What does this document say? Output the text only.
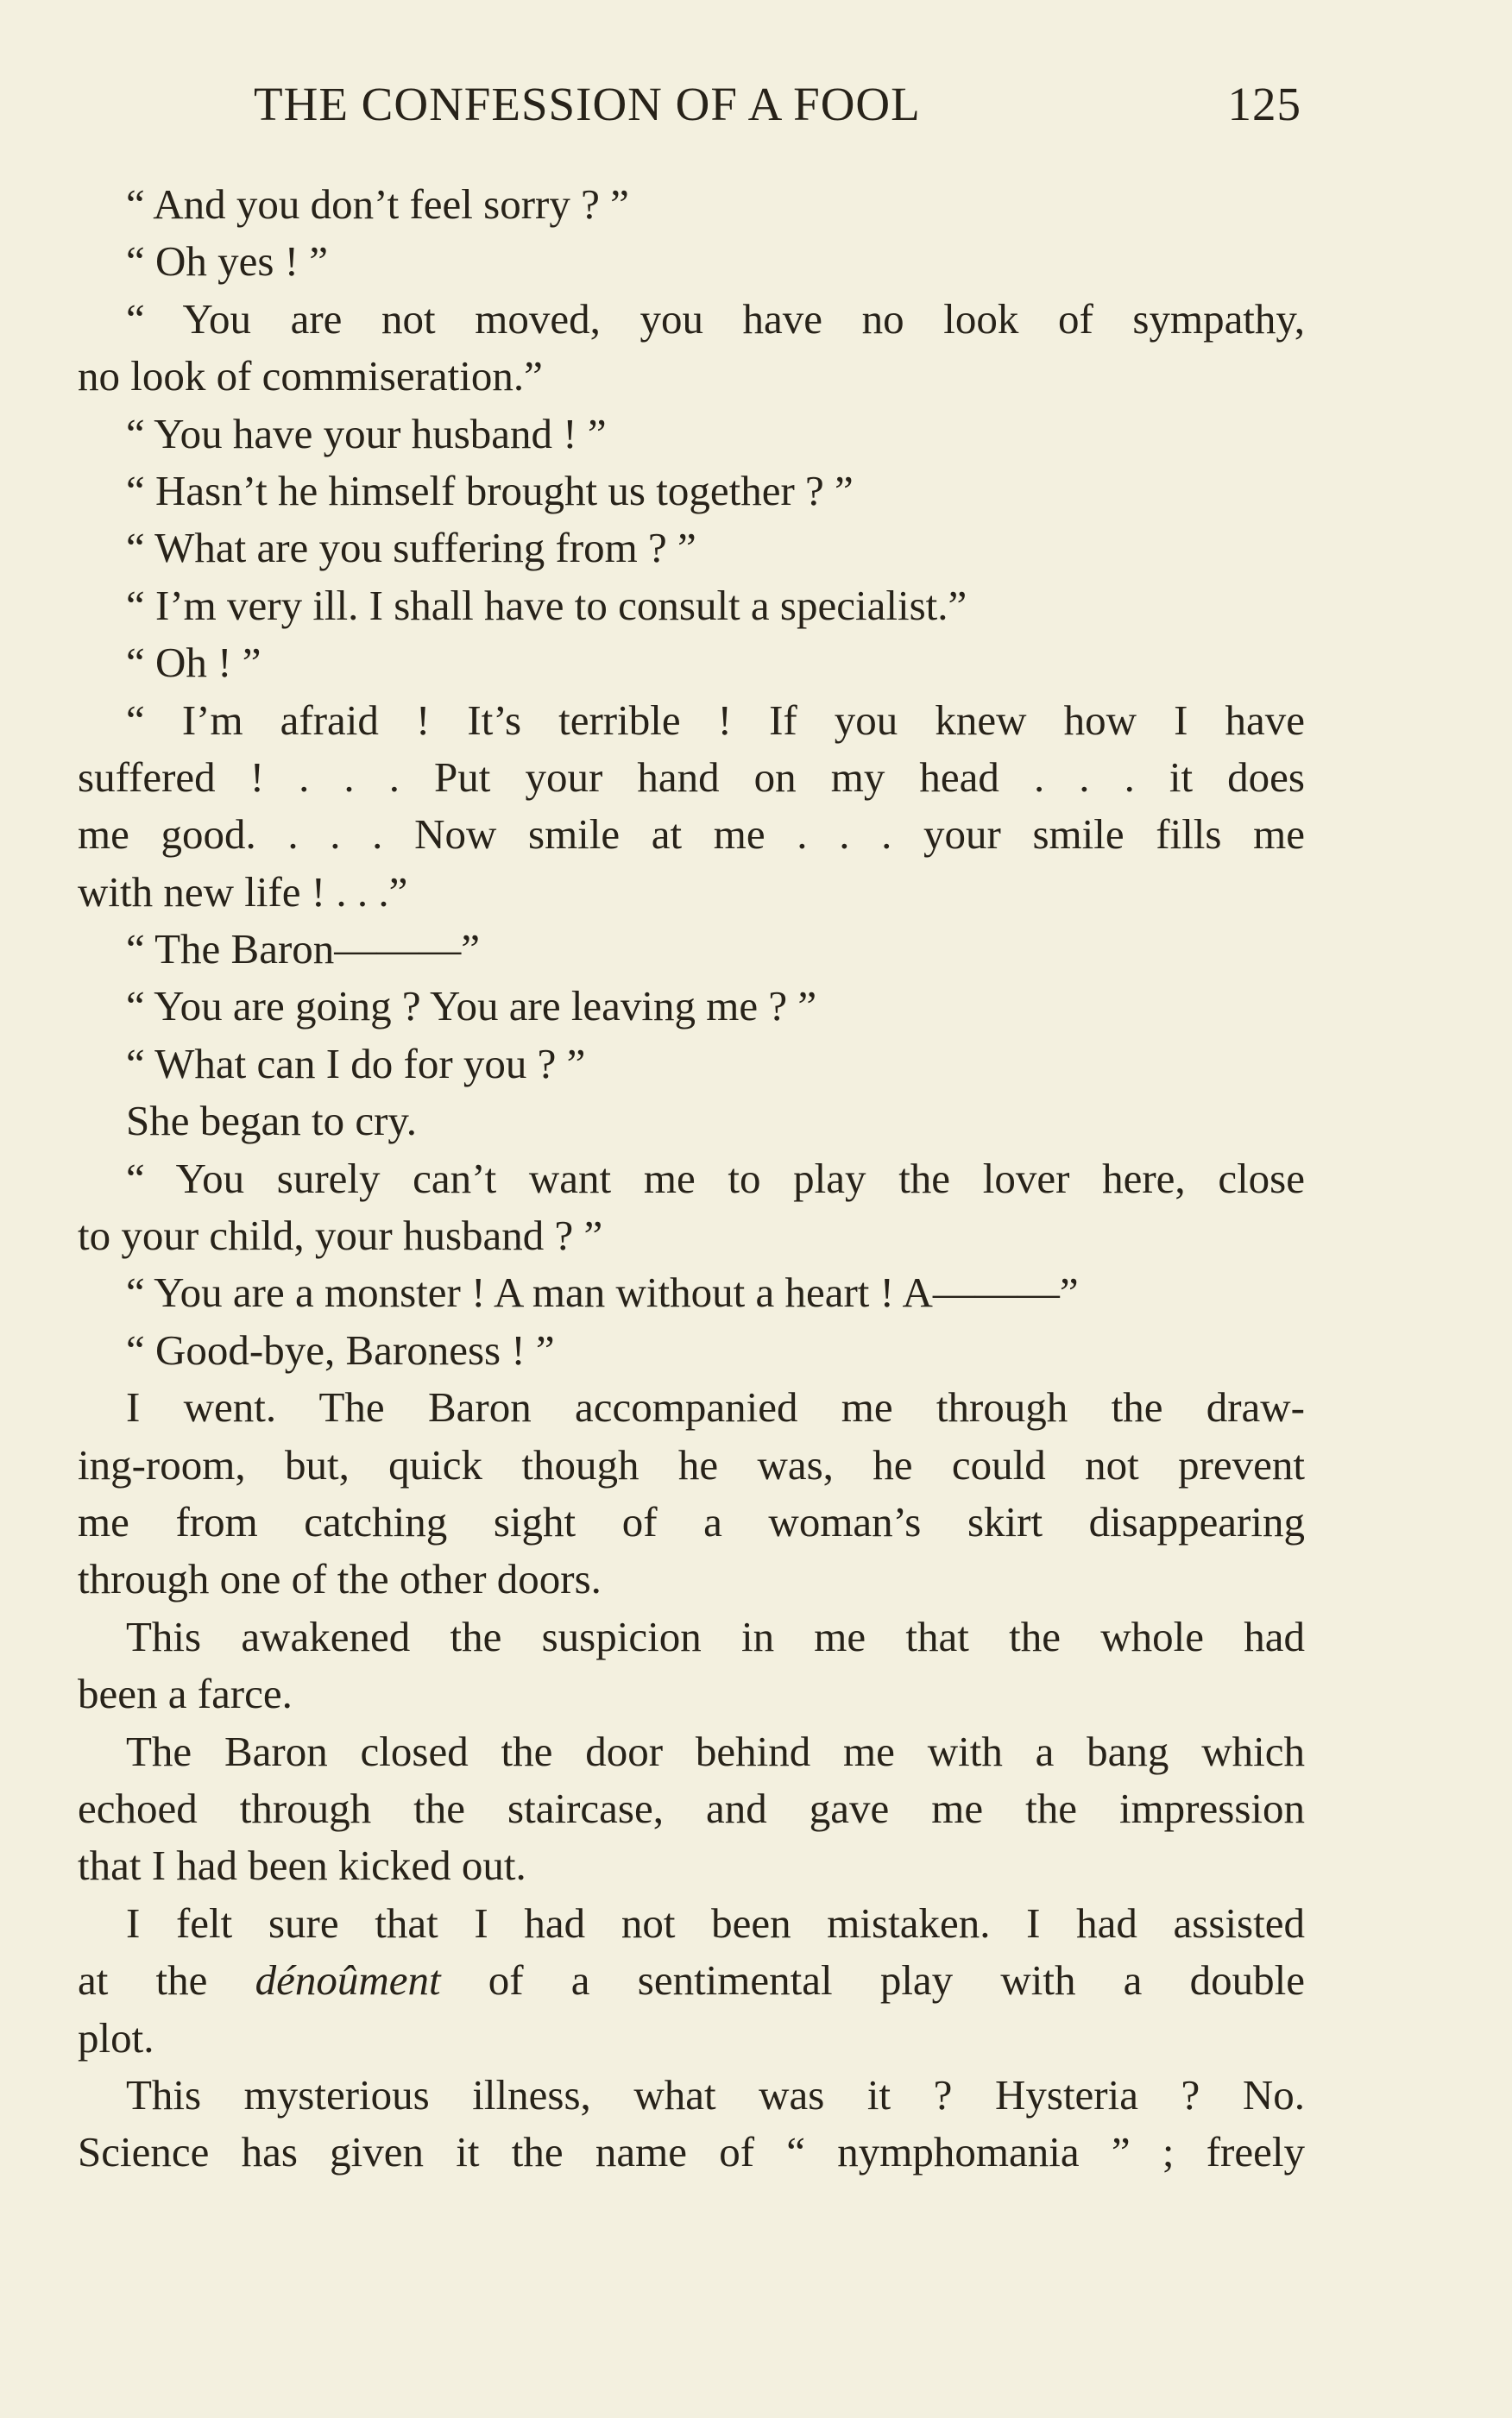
THE CONFESSION OF A FOOL	125
“ And you don’t feel sorry ? ”
“ Oh yes ! ”
“ You are not moved, you have no look of sympathy,
no look of commiseration.”
“ You have your husband ! ”
“ Hasn’t he himself brought us together ? ”
“ What are you suffering from ? ”
“ I’m very ill. I shall have to consult a specialist.”
“ Oh ! ”
“ I’m afraid ! It’s terrible ! If you knew how I have
suffered ! . . . Put your hand on my head . . . it does
me good. . . . Now smile at me . . . your smile fills me
with new life ! . . .”
“ The Baron———”
“ You are going ? You are leaving me ? ”
“ What can I do for you ? ”
She began to cry.
“ You surely can’t want me to play the lover here, close
to your child, your husband ? ”
“ You are a monster ! A man without a heart ! A———”
“ Good-bye, Baroness ! ”
I went. The Baron accompanied me through the draw-
ing-room, but, quick though he was, he could not prevent
me from catching sight of a woman’s skirt disappearing
through one of the other doors.
This awakened the suspicion in me that the whole had
been a farce.
The Baron closed the door behind me with a bang which
echoed through the staircase, and gave me the impression
that I had been kicked out.
I felt sure that I had not been mistaken. I had assisted
at the dénoûment of a sentimental play with a double
plot.
This mysterious illness, what was it ? Hysteria ? No.
Science has given it the name of “ nymphomania ” ; freely
